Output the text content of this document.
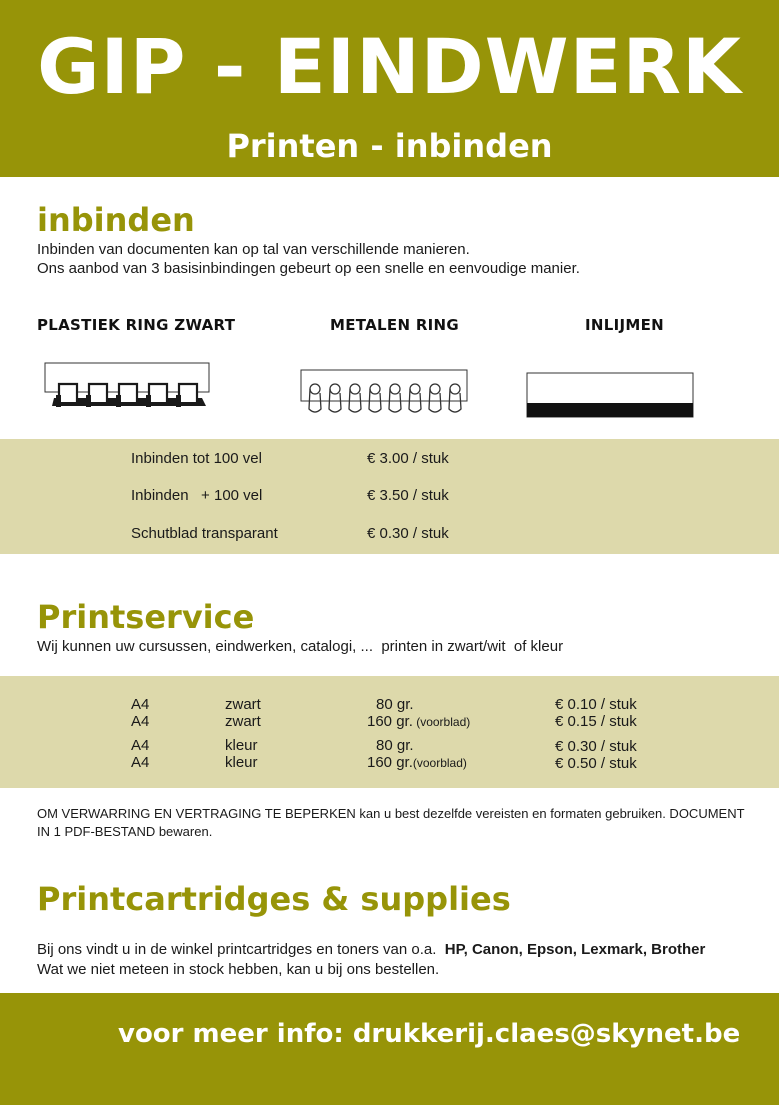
GIP - EINDWERK
Printen - inbinden
inbinden
Inbinden van documenten kan op tal van verschillende manieren.
Ons aanbod van 3 basisinbindingen gebeurt op een snelle en eenvoudige manier.
PLASTIEK RING ZWART	METALEN RING	INLIJMEN
Inbinden tot 100 vel	€ 3.00 / stuk
Inbinden   + 100 vel	€ 3.50 / stuk
Schutblad transparant	€ 0.30 / stuk
Printservice
Wij kunnen uw cursussen, eindwerken, catalogi, ...  printen in zwart/wit  of kleur
A4	zwart	80 gr.	€ 0.10 / stuk
A4	zwart	160 gr. (voorblad)	€ 0.15 / stuk
A4	kleur	80 gr.	€ 0.30 / stuk
A4	kleur	160 gr.(voorblad)	€ 0.50 / stuk
OM VERWARRING EN VERTRAGING TE BEPERKEN kan u best dezelfde vereisten en formaten gebruiken. DOCUMENT IN 1 PDF-BESTAND bewaren.
Printcartridges & supplies
Bij ons vindt u in de winkel printcartridges en toners van o.a. HP, Canon, Epson, Lexmark, Brother
Wat we niet meteen in stock hebben, kan u bij ons bestellen.
voor meer info: drukkerij.claes@skynet.be
